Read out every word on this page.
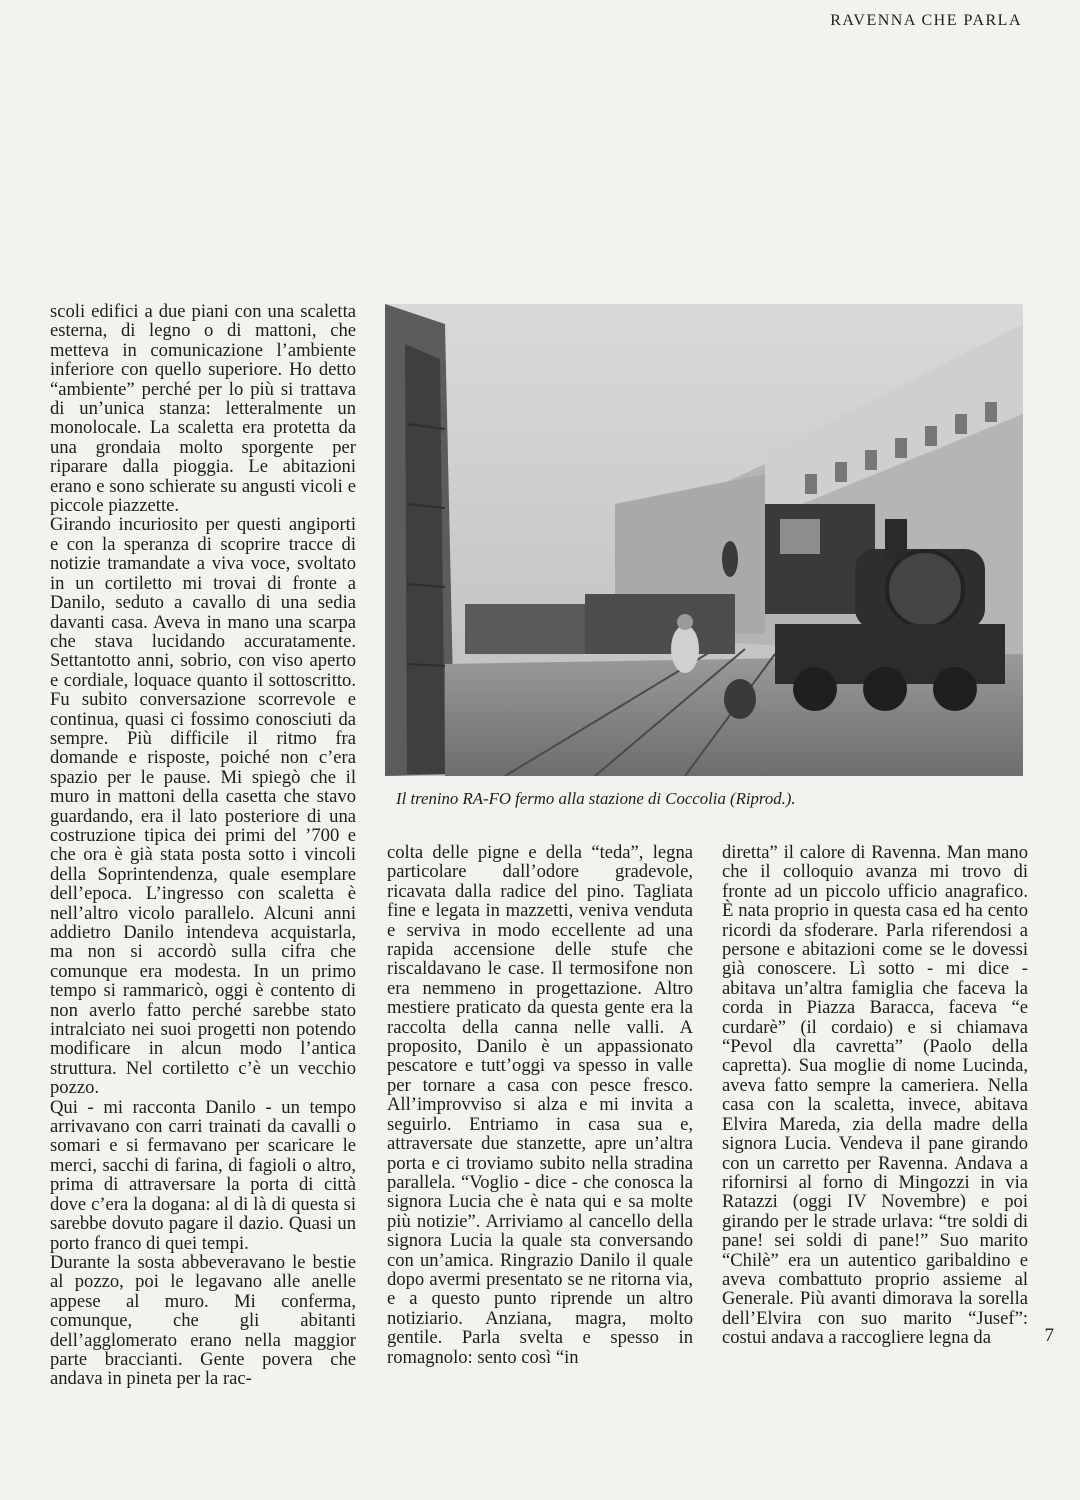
RAVENNA CHE PARLA

scoli edifici a due piani con una scaletta esterna, di legno o di mattoni, che metteva in comunicazione l’ambiente inferiore con quello superiore. Ho detto “ambiente” perché per lo più si trattava di un’unica stanza: letteralmente un monolocale. La scaletta era protetta da una grondaia molto sporgente per riparare dalla pioggia. Le abitazioni erano e sono schierate su angusti vicoli e piccole piazzette.

Girando incuriosito per questi angiporti e con la speranza di scoprire tracce di notizie tramandate a viva voce, svoltato in un cortiletto mi trovai di fronte a Danilo, seduto a cavallo di una sedia davanti casa. Aveva in mano una scarpa che stava lucidando accuratamente. Settantotto anni, sobrio, con viso aperto e cordiale, loquace quanto il sottoscritto. Fu subito conversazione scorrevole e continua, quasi ci fossimo conosciuti da sempre. Più difficile il ritmo fra domande e risposte, poiché non c’era spazio per le pause. Mi spiegò che il muro in mattoni della casetta che stavo guardando, era il lato posteriore di una costruzione tipica dei primi del ’700 e che ora è già stata posta sotto i vincoli della Soprintendenza, quale esemplare dell’epoca. L’ingresso con scaletta è nell’altro vicolo parallelo. Alcuni anni addietro Danilo intendeva acquistarla, ma non si accordò sulla cifra che comunque era modesta. In un primo tempo si rammaricò, oggi è contento di non averlo fatto perché sarebbe stato intralciato nei suoi progetti non potendo modificare in alcun modo l’antica struttura. Nel cortiletto c’è un vecchio pozzo.

Qui - mi racconta Danilo - un tempo arrivavano con carri trainati da cavalli o somari e si fermavano per scaricare le merci, sacchi di farina, di fagioli o altro, prima di attraversare la porta di città dove c’era la dogana: al di là di questa si sarebbe dovuto pagare il dazio. Quasi un porto franco di quei tempi.

Durante la sosta abbeveravano le bestie al pozzo, poi le legavano alle anelle appese al muro. Mi conferma, comunque, che gli abitanti dell’agglomerato erano nella maggior parte braccianti. Gente povera che andava in pineta per la rac-

Il trenino RA-FO fermo alla stazione di Coccolia (Riprod.).

colta delle pigne e della “teda”, legna particolare dall’odore gradevole, ricavata dalla radice del pino. Tagliata fine e legata in mazzetti, veniva venduta e serviva in modo eccellente ad una rapida accensione delle stufe che riscaldavano le case. Il termosifone non era nemmeno in progettazione. Altro mestiere praticato da questa gente era la raccolta della canna nelle valli. A proposito, Danilo è un appassionato pescatore e tutt’oggi va spesso in valle per tornare a casa con pesce fresco. All’improvviso si alza e mi invita a seguirlo. Entriamo in casa sua e, attraversate due stanzette, apre un’altra porta e ci troviamo subito nella stradina parallela. “Voglio - dice - che conosca la signora Lucia che è nata qui e sa molte più notizie”. Arriviamo al cancello della signora Lucia la quale sta conversando con un’amica. Ringrazio Danilo il quale dopo avermi presentato se ne ritorna via, e a questo punto riprende un altro notiziario. Anziana, magra, molto gentile. Parla svelta e spesso in romagnolo: sento così “in

diretta” il calore di Ravenna. Man mano che il colloquio avanza mi trovo di fronte ad un piccolo ufficio anagrafico. È nata proprio in questa casa ed ha cento ricordi da sfoderare. Parla riferendosi a persone e abitazioni come se le dovessi già conoscere. Lì sotto - mi dice - abitava un’altra famiglia che faceva la corda in Piazza Baracca, faceva “e curdarè” (il cordaio) e si chiamava “Pevol dla cavretta” (Paolo della capretta). Sua moglie di nome Lucinda, aveva fatto sempre la cameriera. Nella casa con la scaletta, invece, abitava Elvira Mareda, zia della madre della signora Lucia. Vendeva il pane girando con un carretto per Ravenna. Andava a rifornirsi al forno di Mingozzi in via Ratazzi (oggi IV Novembre) e poi girando per le strade urlava: “tre soldi di pane! sei soldi di pane!” Suo marito “Chilè” era un autentico garibaldino e aveva combattuto proprio assieme al Generale. Più avanti dimorava la sorella dell’Elvira con suo marito “Jusef”: costui andava a raccogliere legna da	7
